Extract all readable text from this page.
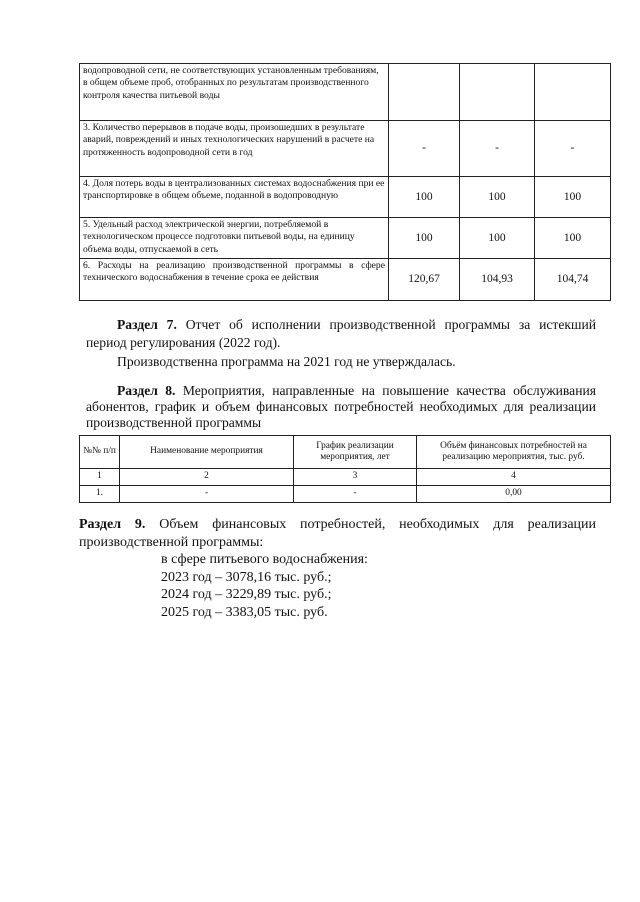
водопроводной сети, не соответствующих установленным требованиям, в общем объеме проб, отобранных по результатам производственного контроля качества питьевой воды			
3. Количество перерывов в подаче воды, произошедших в результате аварий, повреждений и иных технологических нарушений в расчете на протяженность водопроводной сети в год	-	-	-
4. Доля потерь воды в централизованных системах водоснабжения при ее транспортировке в общем объеме, поданной в водопроводную	100	100	100
5. Удельный расход электрической энергии, потребляемой в технологическом процессе подготовки питьевой воды, на единицу объема воды, отпускаемой в сеть	100	100	100
6. Расходы на реализацию производственной программы в сфере технического водоснабжения в течение срока ее действия	120,67	104,93	104,74

Раздел 7. Отчет об исполнении производственной программы за истекший период регулирования (2022 год).

Производственна программа на 2021 год не утверждалась.

Раздел 8. Мероприятия, направленные на повышение качества обслуживания абонентов, график и объем финансовых потребностей необходимых для реализации производственной программы

№№ п/п	Наименование мероприятия	График реализации мероприятия, лет	Объём финансовых потребностей на реализацию мероприятия, тыс. руб.
1	2	3	4
1.	-	-	0,00

Раздел 9. Объем финансовых потребностей, необходимых для реализации производственной программы:

в сфере питьевого водоснабжения:
2023 год – 3078,16 тыс. руб.;
2024 год – 3229,89 тыс. руб.;
2025 год – 3383,05 тыс. руб.
